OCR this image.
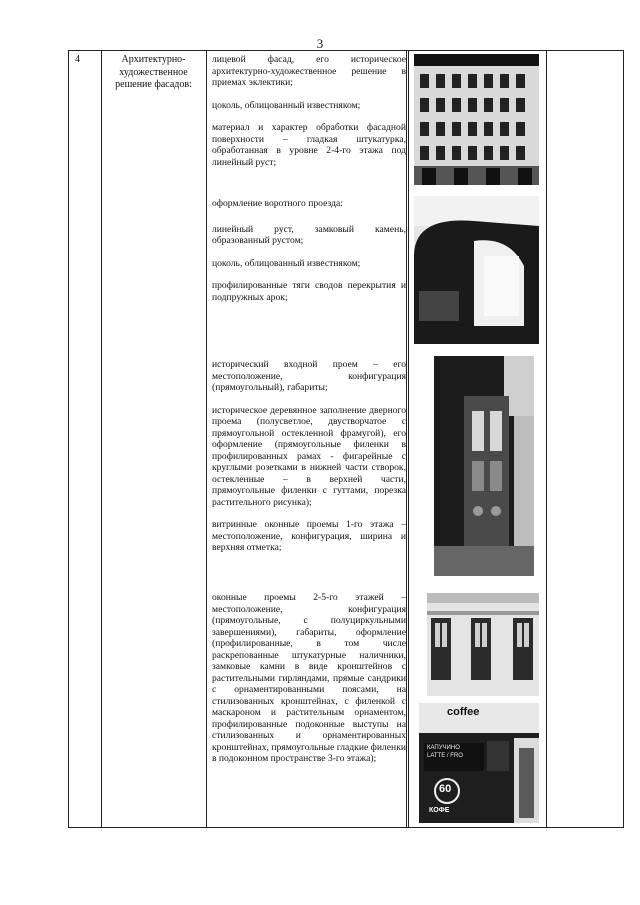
3
4	Архитектурно-художественное решение фасадов:

лицевой фасад, его историческое архитектурно-художественное решение в приемах эклектики;

цоколь, облицованный известняком;

материал и характер обработки фасадной поверхности – гладкая штукатурка, обработанная в уровне 2-4-го этажа под линейный руст;

оформление воротного проезда:

линейный руст, замковый камень, образованный рустом;

цоколь, облицованный известняком;

профилированные тяги сводов перекрытия и подпружных арок;

исторический входной проем – его местоположение, конфигурация (прямоугольный), габариты;

историческое деревянное заполнение дверного проема (полусветлое, двустворчатое с прямоугольной остекленной фрамугой), его оформление (прямоугольные филенки в профилированных рамах - фигарейные с круглыми розетками в нижней части створок, остекленные – в верхней части, прямоугольные филенки с гуттами, порезка растительного рисунка);

витринные оконные проемы 1-го этажа – местоположение, конфигурация, ширина и верхняя отметка;

оконные проемы 2-5-го этажей – местоположение, конфигурация (прямоугольные, с полуциркульными завершениями), габариты, оформление (профилированные, в том числе раскрепованные штукатурные наличники, замковые камни в виде кронштейнов с растительными гирляндами, прямые сандрики с орнаментированными поясами, на стилизованных кронштейнах, с филенкой с маскароном и растительным орнаментом, профилированные подоконные выступы на стилизованных и орнаментированных кронштейнах, прямоугольные гладкие филенки в подоконном пространстве 3-го этажа);

coffee
КАПУЧИНО
LATTE / FRO
60
КОФЕ
